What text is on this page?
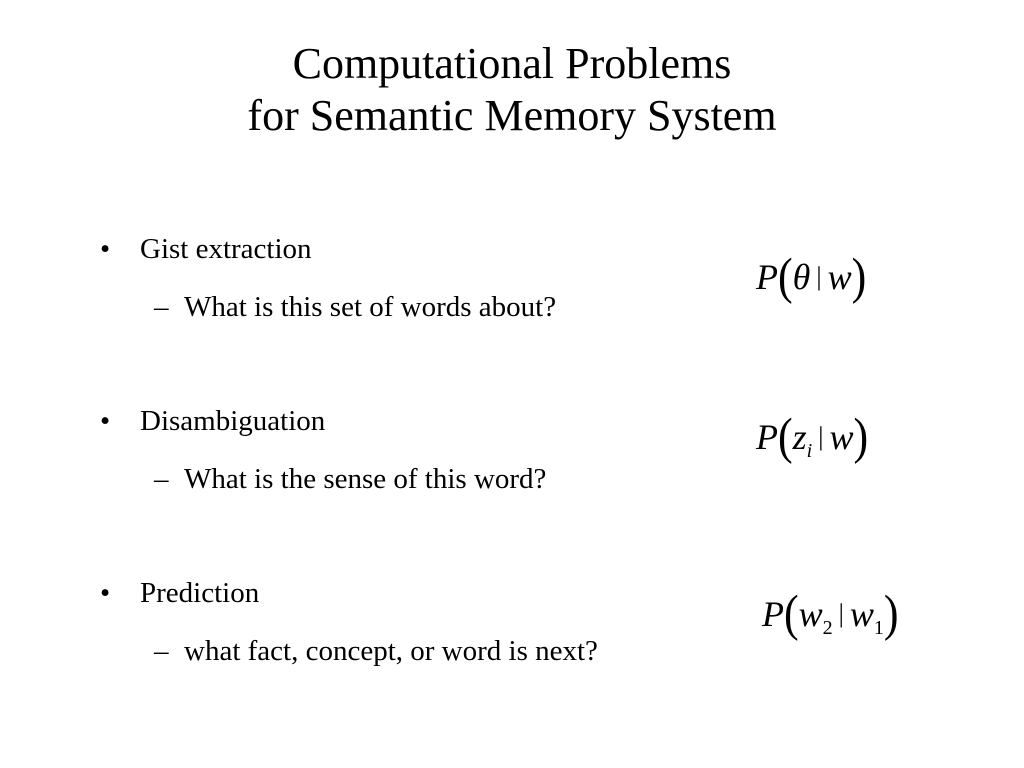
Computational Problems
for Semantic Memory System
• Gist extraction
– What is this set of words about?
P(θ | w)
• Disambiguation
– What is the sense of this word?
$P(z_i$ | w)
• Prediction
– what fact, concept, or word is next?
$P(w_2$ | $w_1$)
